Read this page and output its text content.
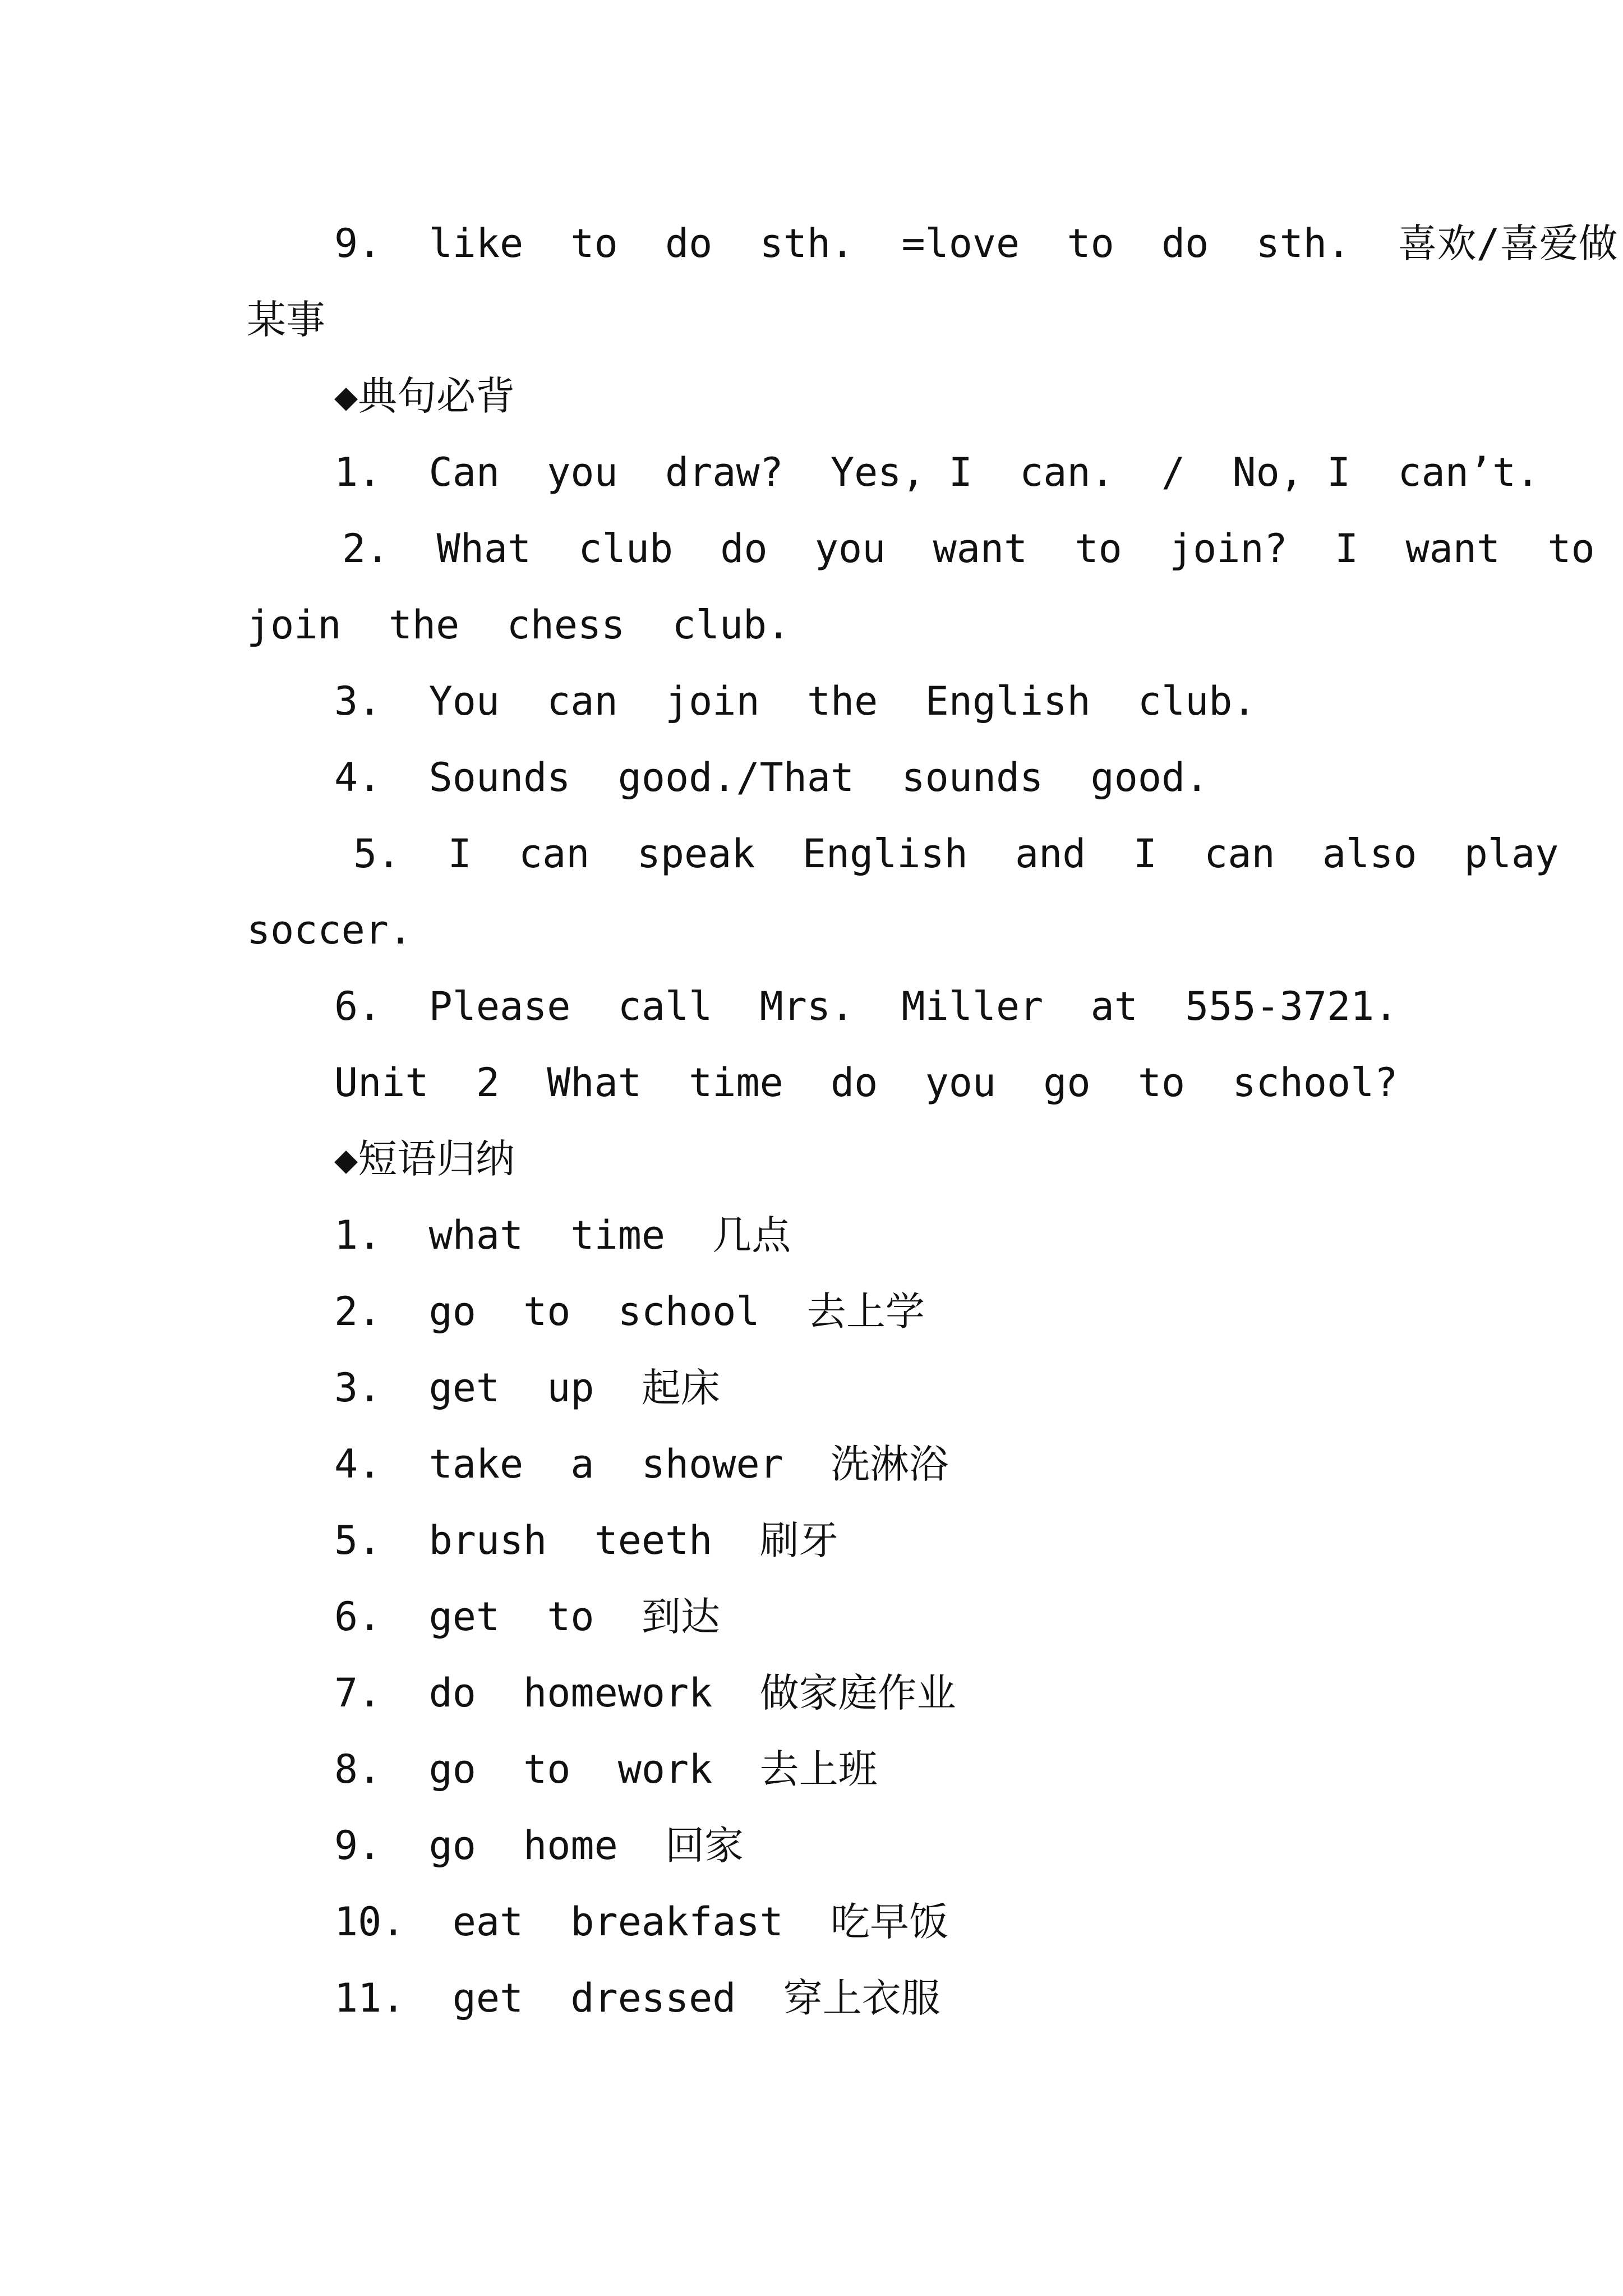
9.  like  to  do  sth.  =love  to  do  sth.  喜欢/喜爱做
某事
◆典句必背
1.  Can  you  draw?  Yes, I  can.  /  No, I  can’t.
2.  What  club  do  you  want  to  join?  I  want  to
join  the  chess  club.
3.  You  can  join  the  English  club.
4.  Sounds  good./That  sounds  good.
5.  I  can  speak  English  and  I  can  also  play
soccer.
6.  Please  call  Mrs.  Miller  at  555-3721.
Unit  2  What  time  do  you  go  to  school?
◆短语归纳
1.  what  time  几点
2.  go  to  school  去上学
3.  get  up  起床
4.  take  a  shower  洗淋浴
5.  brush  teeth  刷牙
6.  get  to  到达
7.  do  homework  做家庭作业
8.  go  to  work  去上班
9.  go  home  回家
10.  eat  breakfast  吃早饭
11.  get  dressed  穿上衣服
